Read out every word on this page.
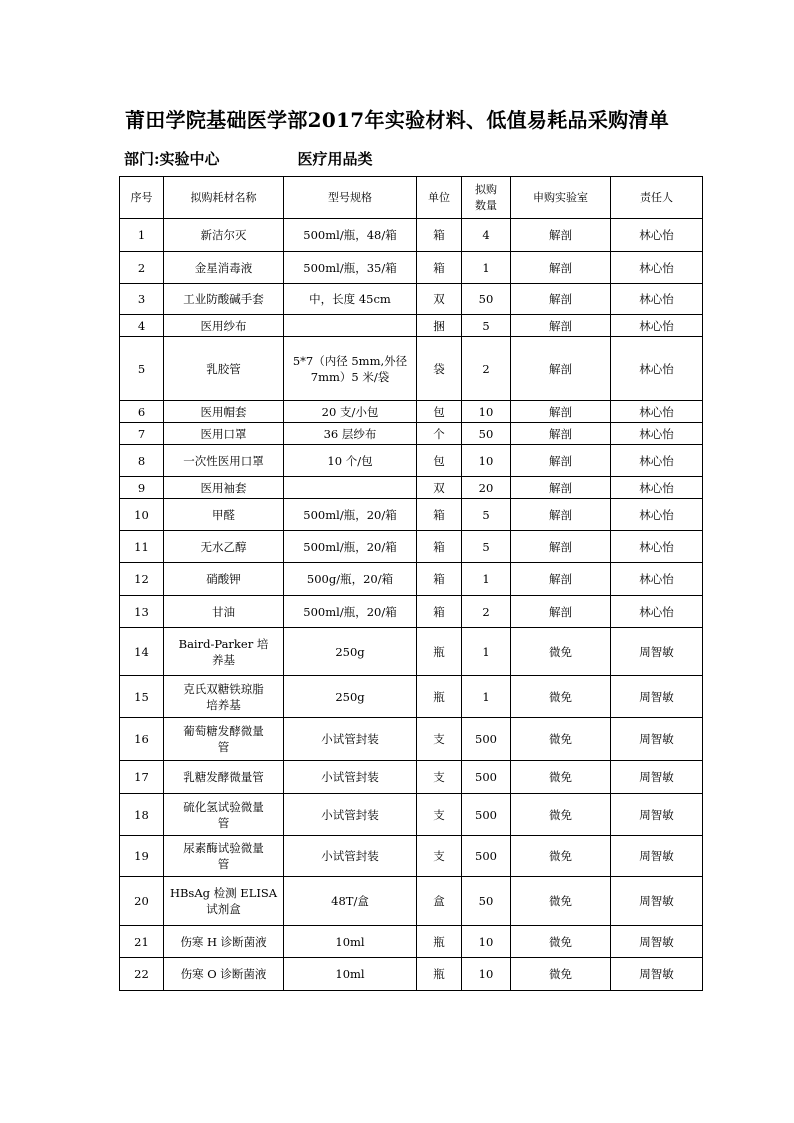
莆田学院基础医学部2017年实验材料、低值易耗品采购清单
部门:实验中心	医疗用品类
序号	拟购耗材名称	型号规格	单位	拟购
数量	申购实验室	责任人
1	新洁尔灭	500ml/瓶，48/箱	箱	4	解剖	林心怡
2	金星消毒液	500ml/瓶，35/箱	箱	1	解剖	林心怡
3	工业防酸碱手套	中，长度 45cm	双	50	解剖	林心怡
4	医用纱布		捆	5	解剖	林心怡
5	乳胶管	5*7（内径 5mm,外径
7mm）5 米/袋	袋	2	解剖	林心怡
6	医用帽套	20 支/小包	包	10	解剖	林心怡
7	医用口罩	36 层纱布	个	50	解剖	林心怡
8	一次性医用口罩	10 个/包	包	10	解剖	林心怡
9	医用袖套		双	20	解剖	林心怡
10	甲醛	500ml/瓶，20/箱	箱	5	解剖	林心怡
11	无水乙醇	500ml/瓶，20/箱	箱	5	解剖	林心怡
12	硝酸钾	500g/瓶，20/箱	箱	1	解剖	林心怡
13	甘油	500ml/瓶，20/箱	箱	2	解剖	林心怡
14	Baird-Parker 培
养基	250g	瓶	1	微免	周智敏
15	克氏双糖铁琼脂
培养基	250g	瓶	1	微免	周智敏
16	葡萄糖发酵微量
管	小试管封装	支	500	微免	周智敏
17	乳糖发酵微量管	小试管封装	支	500	微免	周智敏
18	硫化氢试验微量
管	小试管封装	支	500	微免	周智敏
19	尿素酶试验微量
管	小试管封装	支	500	微免	周智敏
20	HBsAg 检测 ELISA
试剂盒	48T/盒	盒	50	微免	周智敏
21	伤寒 H 诊断菌液	10ml	瓶	10	微免	周智敏
22	伤寒 O 诊断菌液	10ml	瓶	10	微免	周智敏
